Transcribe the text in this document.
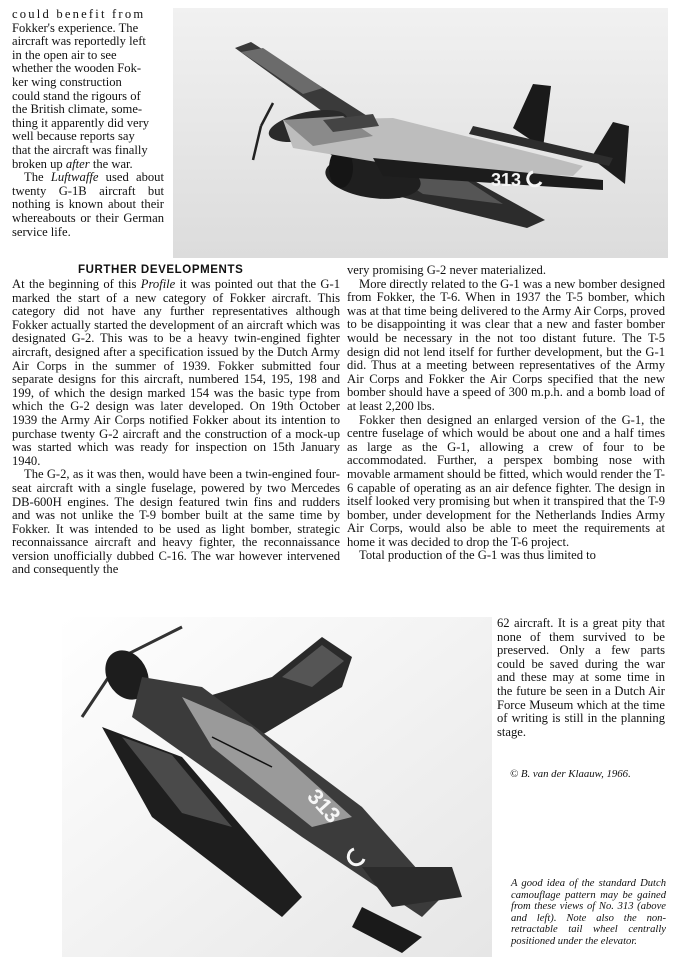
could benefit from
Fokker's experience. The
aircraft was reportedly left
in the open air to see
whether the wooden Fok-
ker wing construction
could stand the rigours of
the British climate, some-
thing it apparently did very
well because reports say
that the aircraft was finally
broken up after the war.

The Luftwaffe used about twenty G-1B aircraft but nothing is known about their whereabouts or their German service life.

313
FURTHER DEVELOPMENTS

At the beginning of this Profile it was pointed out that the G-1 marked the start of a new category of Fokker aircraft. This category did not have any further representatives although Fokker actually started the development of an aircraft which was designated G-2. This was to be a heavy twin-engined fighter aircraft, designed after a specification issued by the Dutch Army Air Corps in the summer of 1939. Fokker submitted four separate designs for this aircraft, numbered 154, 195, 198 and 199, of which the design marked 154 was the basic type from which the G-2 design was later developed. On 19th October 1939 the Army Air Corps notified Fokker about its intention to purchase twenty G-2 aircraft and the construction of a mock-up was started which was ready for inspection on 15th January 1940.

The G-2, as it was then, would have been a twin-engined four-seat aircraft with a single fuselage, powered by two Mercedes DB-600H engines. The design featured twin fins and rudders and was not unlike the T-9 bomber built at the same time by Fokker. It was intended to be used as light bomber, strategic reconnaissance aircraft and heavy fighter, the reconnaissance version unofficially dubbed C-16. The war however intervened and consequently the

very promising G-2 never materialized.

More directly related to the G-1 was a new bomber designed from Fokker, the T-6. When in 1937 the T-5 bomber, which was at that time being delivered to the Army Air Corps, proved to be disappointing it was clear that a new and faster bomber would be necessary in the not too distant future. The T-5 design did not lend itself for further development, but the G-1 did. Thus at a meeting between representatives of the Army Air Corps and Fokker the Air Corps specified that the new bomber should have a speed of 300 m.p.h. and a bomb load of at least 2,200 lbs.

Fokker then designed an enlarged version of the G-1, the centre fuselage of which would be about one and a half times as large as the G-1, allowing a crew of four to be accommodated. Further, a perspex bombing nose with movable armament should be fitted, which would render the T-6 capable of operating as an air defence fighter. The design in itself looked very promising but when it transpired that the T-9 bomber, under development for the Netherlands Indies Army Air Corps, would also be able to meet the requirements at home it was decided to drop the T-6 project.

Total production of the G-1 was thus limited to

62 aircraft. It is a great pity that none of them survived to be preserved. Only a few parts could be saved during the war and these may at some time in the future be seen in a Dutch Air Force Museum which at the time of writing is still in the planning stage.

© B. van der Klaauw, 1966.
313
A good idea of the standard Dutch camouflage pattern may be gained from these views of No. 313 (above and left). Note also the non-retractable tail wheel centrally positioned under the elevator.
